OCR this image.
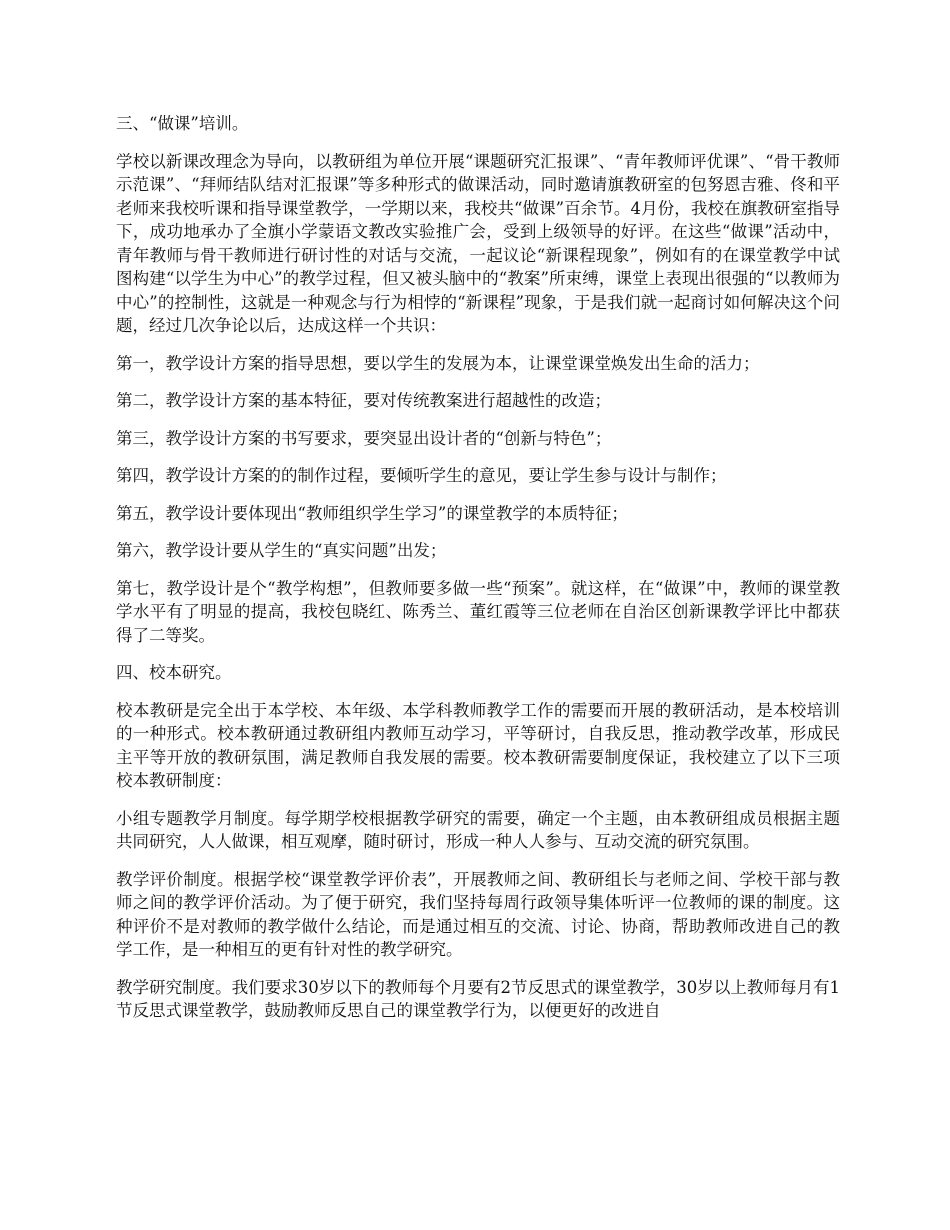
三、“做课”培训。

学校以新课改理念为导向，以教研组为单位开展“课题研究汇报课”、“青年教师评优课”、“骨干教师示范课”、“拜师结队结对汇报课”等多种形式的做课活动，同时邀请旗教研室的包努恩吉雅、佟和平老师来我校听课和指导课堂教学，一学期以来，我校共“做课”百余节。4月份，我校在旗教研室指导下，成功地承办了全旗小学蒙语文教改实验推广会，受到上级领导的好评。在这些“做课”活动中，青年教师与骨干教师进行研讨性的对话与交流，一起议论“新课程现象”，例如有的在课堂教学中试图构建“以学生为中心”的教学过程，但又被头脑中的“教案”所束缚，课堂上表现出很强的“以教师为中心”的控制性，这就是一种观念与行为相悖的“新课程”现象，于是我们就一起商讨如何解决这个问题，经过几次争论以后，达成这样一个共识：

第一，教学设计方案的指导思想，要以学生的发展为本，让课堂课堂焕发出生命的活力；

第二，教学设计方案的基本特征，要对传统教案进行超越性的改造；

第三，教学设计方案的书写要求，要突显出设计者的“创新与特色”；

第四，教学设计方案的的制作过程，要倾听学生的意见，要让学生参与设计与制作；

第五，教学设计要体现出“教师组织学生学习”的课堂教学的本质特征；

第六，教学设计要从学生的“真实问题”出发；

第七，教学设计是个“教学构想”，但教师要多做一些“预案”。就这样，在“做课”中，教师的课堂教学水平有了明显的提高，我校包晓红、陈秀兰、董红霞等三位老师在自治区创新课教学评比中都获得了二等奖。

四、校本研究。

校本教研是完全出于本学校、本年级、本学科教师教学工作的需要而开展的教研活动，是本校培训的一种形式。校本教研通过教研组内教师互动学习，平等研讨，自我反思，推动教学改革，形成民主平等开放的教研氛围，满足教师自我发展的需要。校本教研需要制度保证，我校建立了以下三项校本教研制度：

小组专题教学月制度。每学期学校根据教学研究的需要，确定一个主题，由本教研组成员根据主题共同研究，人人做课，相互观摩，随时研讨，形成一种人人参与、互动交流的研究氛围。

教学评价制度。根据学校“课堂教学评价表”，开展教师之间、教研组长与老师之间、学校干部与教师之间的教学评价活动。为了便于研究，我们坚持每周行政领导集体听评一位教师的课的制度。这种评价不是对教师的教学做什么结论，而是通过相互的交流、讨论、协商，帮助教师改进自己的教学工作，是一种相互的更有针对性的教学研究。

教学研究制度。我们要求30岁以下的教师每个月要有2节反思式的课堂教学，30岁以上教师每月有1节反思式课堂教学，鼓励教师反思自己的课堂教学行为，以便更好的改进自
